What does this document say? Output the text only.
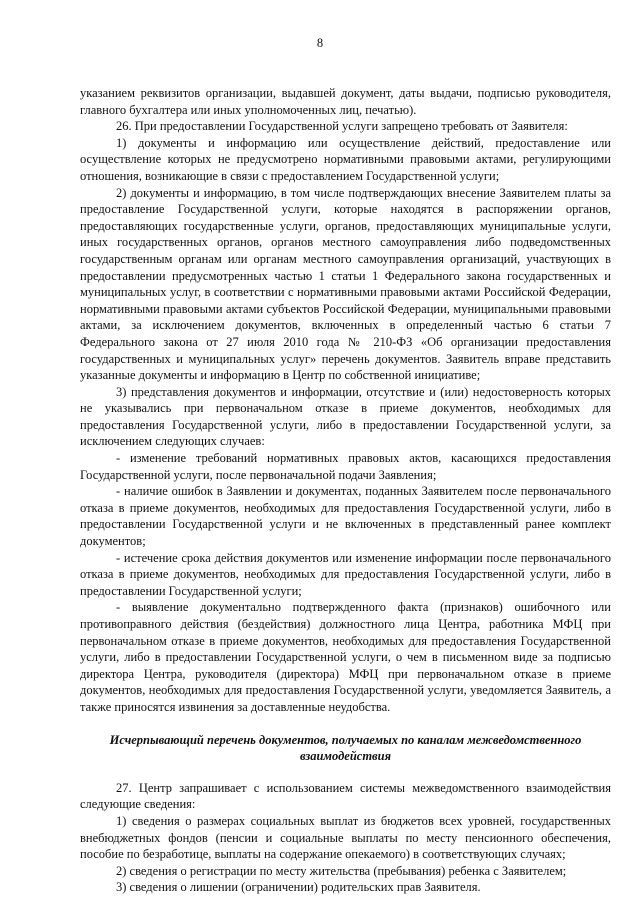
8

указанием реквизитов организации, выдавшей документ, даты выдачи, подписью руководителя, главного бухгалтера или иных уполномоченных лиц, печатью).

26. При предоставлении Государственной услуги запрещено требовать от Заявителя:

1) документы и информацию или осуществление действий, предоставление или осуществление которых не предусмотрено нормативными правовыми актами, регулирующими отношения, возникающие в связи с предоставлением Государственной услуги;

2) документы и информацию, в том числе подтверждающих внесение Заявителем платы за предоставление Государственной услуги, которые находятся в распоряжении органов, предоставляющих государственные услуги, органов, предоставляющих муниципальные услуги, иных государственных органов, органов местного самоуправления либо подведомственных государственным органам или органам местного самоуправления организаций, участвующих в предоставлении предусмотренных частью 1 статьи 1 Федерального закона государственных и муниципальных услуг, в соответствии с нормативными правовыми актами Российской Федерации, нормативными правовыми актами субъектов Российской Федерации, муниципальными правовыми актами, за исключением документов, включенных в определенный частью 6 статьи 7 Федерального закона от 27 июля 2010 года № 210-ФЗ «Об организации предоставления государственных и муниципальных услуг» перечень документов. Заявитель вправе представить указанные документы и информацию в Центр по собственной инициативе;

3) представления документов и информации, отсутствие и (или) недостоверность которых не указывались при первоначальном отказе в приеме документов, необходимых для предоставления Государственной услуги, либо в предоставлении Государственной услуги, за исключением следующих случаев:

- изменение требований нормативных правовых актов, касающихся предоставления Государственной услуги, после первоначальной подачи Заявления;

- наличие ошибок в Заявлении и документах, поданных Заявителем после первоначального отказа в приеме документов, необходимых для предоставления Государственной услуги, либо в предоставлении Государственной услуги и не включенных в представленный ранее комплект документов;

- истечение срока действия документов или изменение информации после первоначального отказа в приеме документов, необходимых для предоставления Государственной услуги, либо в предоставлении Государственной услуги;

- выявление документально подтвержденного факта (признаков) ошибочного или противоправного действия (бездействия) должностного лица Центра, работника МФЦ при первоначальном отказе в приеме документов, необходимых для предоставления Государственной услуги, либо в предоставлении Государственной услуги, о чем в письменном виде за подписью директора Центра, руководителя (директора) МФЦ при первоначальном отказе в приеме документов, необходимых для предоставления Государственной услуги, уведомляется Заявитель, а также приносятся извинения за доставленные неудобства.

Исчерпывающий перечень документов, получаемых по каналам межведомственного взаимодействия

27. Центр запрашивает с использованием системы межведомственного взаимодействия следующие сведения:

1) сведения о размерах социальных выплат из бюджетов всех уровней, государственных внебюджетных фондов (пенсии и социальные выплаты по месту пенсионного обеспечения, пособие по безработице, выплаты на содержание опекаемого) в соответствующих случаях;

2) сведения о регистрации по месту жительства (пребывания) ребенка с Заявителем;

3) сведения о лишении (ограничении) родительских прав Заявителя.
